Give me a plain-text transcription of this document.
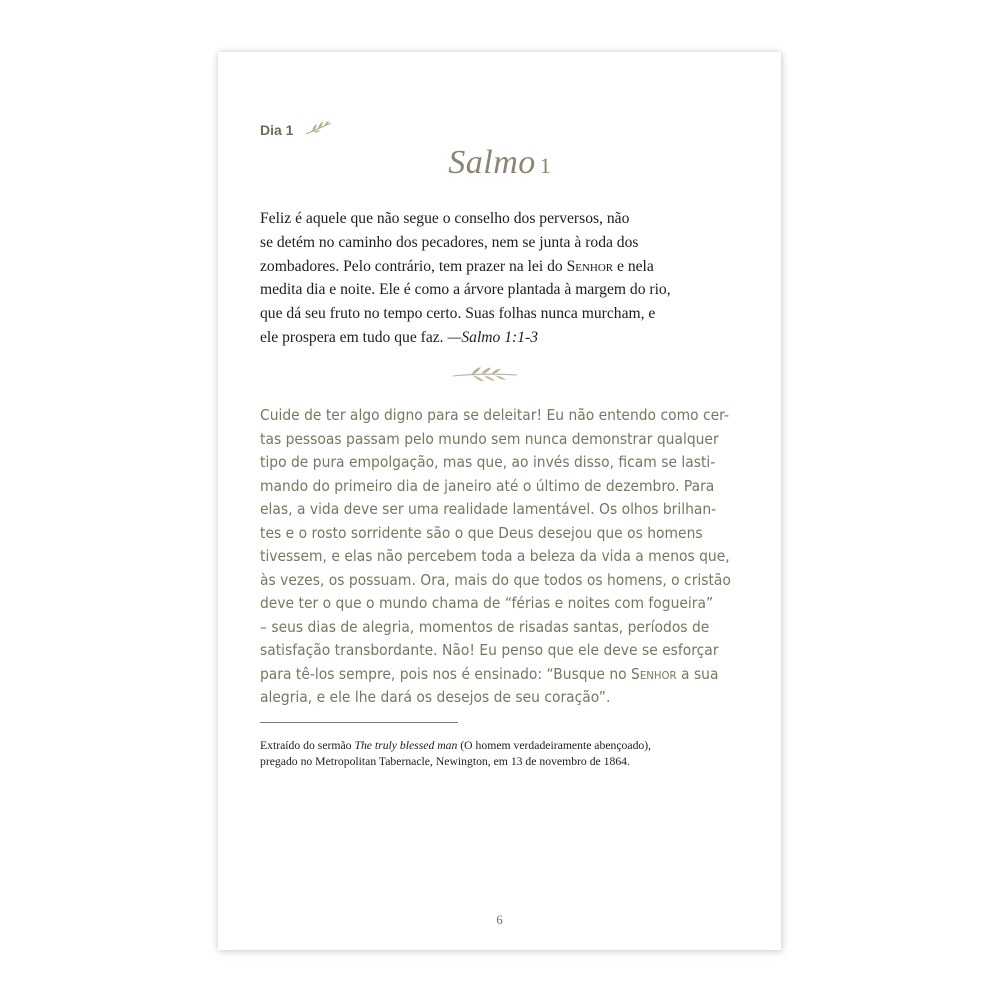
Dia 1
Salmo 1
Feliz é aquele que não segue o conselho dos perversos, não
se detém no caminho dos pecadores, nem se junta à roda dos
zombadores. Pelo contrário, tem prazer na lei do Senhor e nela
medita dia e noite. Ele é como a árvore plantada à margem do rio,
que dá seu fruto no tempo certo. Suas folhas nunca murcham, e
ele prospera em tudo que faz. —Salmo 1:1-3
Cuide de ter algo digno para se deleitar! Eu não entendo como cer-
tas pessoas passam pelo mundo sem nunca demonstrar qualquer
tipo de pura empolgação, mas que, ao invés disso, ficam se lasti-
mando do primeiro dia de janeiro até o último de dezembro. Para
elas, a vida deve ser uma realidade lamentável. Os olhos brilhan-
tes e o rosto sorridente são o que Deus desejou que os homens
tivessem, e elas não percebem toda a beleza da vida a menos que,
às vezes, os possuam. Ora, mais do que todos os homens, o cristão
deve ter o que o mundo chama de “férias e noites com fogueira”
– seus dias de alegria, momentos de risadas santas, períodos de
satisfação transbordante. Não! Eu penso que ele deve se esforçar
para tê-los sempre, pois nos é ensinado: “Busque no Senhor a sua
alegria, e ele lhe dará os desejos de seu coração”.
Extraído do sermão The truly blessed man (O homem verdadeiramente abençoado),
pregado no Metropolitan Tabernacle, Newington, em 13 de novembro de 1864.
6
